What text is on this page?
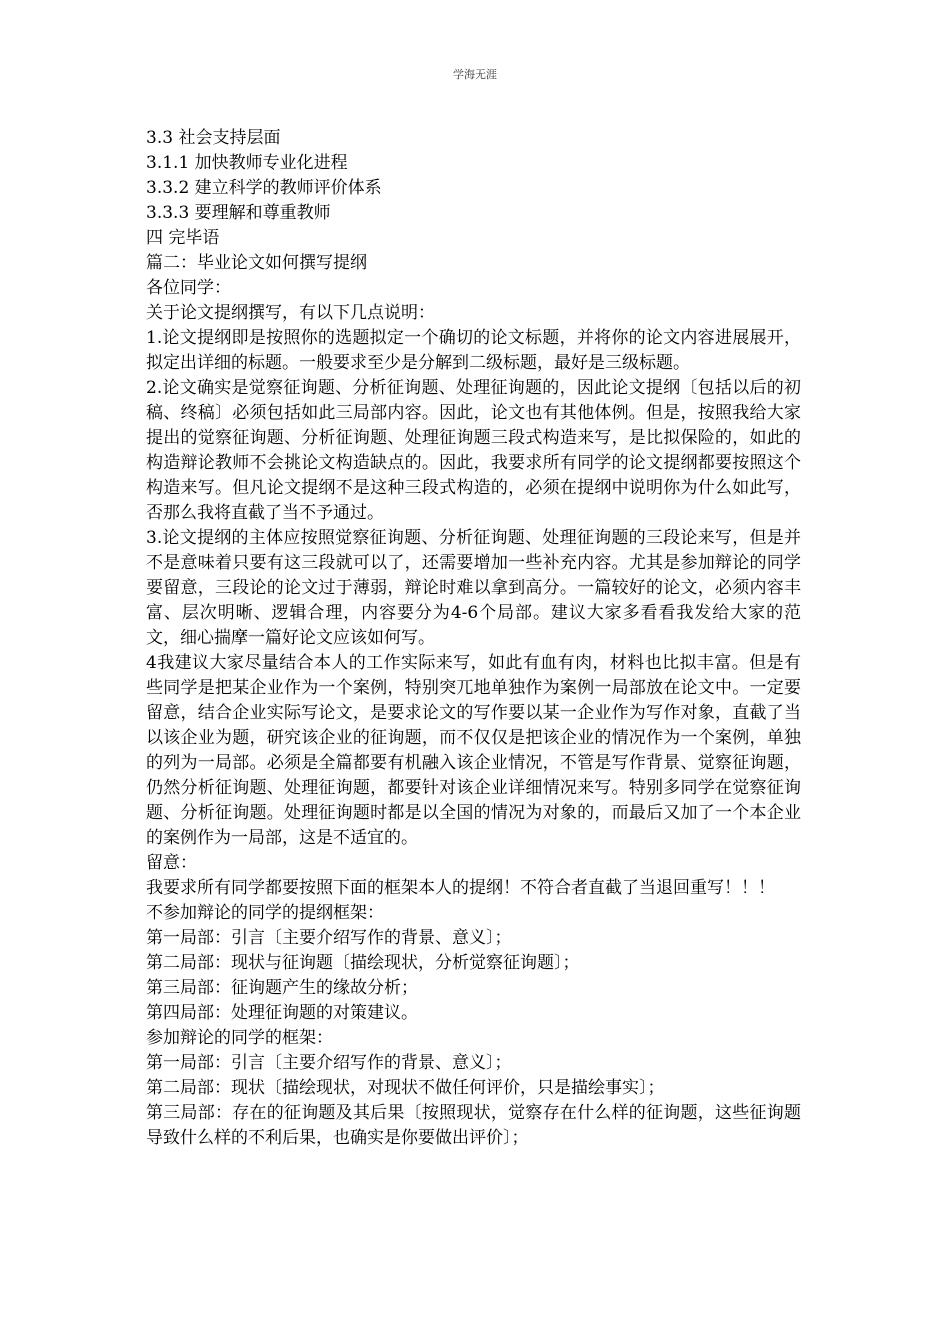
学海无涯

3.3 社会支持层面

3.1.1 加快教师专业化进程

3.3.2 建立科学的教师评价体系

3.3.3 要理解和尊重教师

四 完毕语

篇二：毕业论文如何撰写提纲

各位同学：

关于论文提纲撰写，有以下几点说明：

1.论文提纲即是按照你的选题拟定一个确切的论文标题，并将你的论文内容进展展开，拟定出详细的标题。一般要求至少是分解到二级标题，最好是三级标题。

2.论文确实是觉察征询题、分析征询题、处理征询题的，因此论文提纲〔包括以后的初稿、终稿〕必须包括如此三局部内容。因此，论文也有其他体例。但是，按照我给大家提出的觉察征询题、分析征询题、处理征询题三段式构造来写，是比拟保险的，如此的构造辩论教师不会挑论文构造缺点的。因此，我要求所有同学的论文提纲都要按照这个构造来写。但凡论文提纲不是这种三段式构造的，必须在提纲中说明你为什么如此写，否那么我将直截了当不予通过。

3.论文提纲的主体应按照觉察征询题、分析征询题、处理征询题的三段论来写，但是并不是意味着只要有这三段就可以了，还需要增加一些补充内容。尤其是参加辩论的同学要留意，三段论的论文过于薄弱，辩论时难以拿到高分。一篇较好的论文，必须内容丰富、层次明晰、逻辑合理，内容要分为4-6个局部。建议大家多看看我发给大家的范文，细心揣摩一篇好论文应该如何写。

4我建议大家尽量结合本人的工作实际来写，如此有血有肉，材料也比拟丰富。但是有些同学是把某企业作为一个案例，特别突兀地单独作为案例一局部放在论文中。一定要留意，结合企业实际写论文，是要求论文的写作要以某一企业作为写作对象，直截了当以该企业为题，研究该企业的征询题，而不仅仅是把该企业的情况作为一个案例，单独的列为一局部。必须是全篇都要有机融入该企业情况，不管是写作背景、觉察征询题，仍然分析征询题、处理征询题，都要针对该企业详细情况来写。特别多同学在觉察征询题、分析征询题。处理征询题时都是以全国的情况为对象的，而最后又加了一个本企业的案例作为一局部，这是不适宜的。

留意：

我要求所有同学都要按照下面的框架本人的提纲！不符合者直截了当退回重写！！！

不参加辩论的同学的提纲框架：

第一局部：引言〔主要介绍写作的背景、意义〕；

第二局部：现状与征询题〔描绘现状，分析觉察征询题〕；

第三局部：征询题产生的缘故分析；

第四局部：处理征询题的对策建议。

参加辩论的同学的框架：

第一局部：引言〔主要介绍写作的背景、意义〕；

第二局部：现状〔描绘现状，对现状不做任何评价，只是描绘事实〕；

第三局部：存在的征询题及其后果〔按照现状，觉察存在什么样的征询题，这些征询题导致什么样的不利后果，也确实是你要做出评价〕；
